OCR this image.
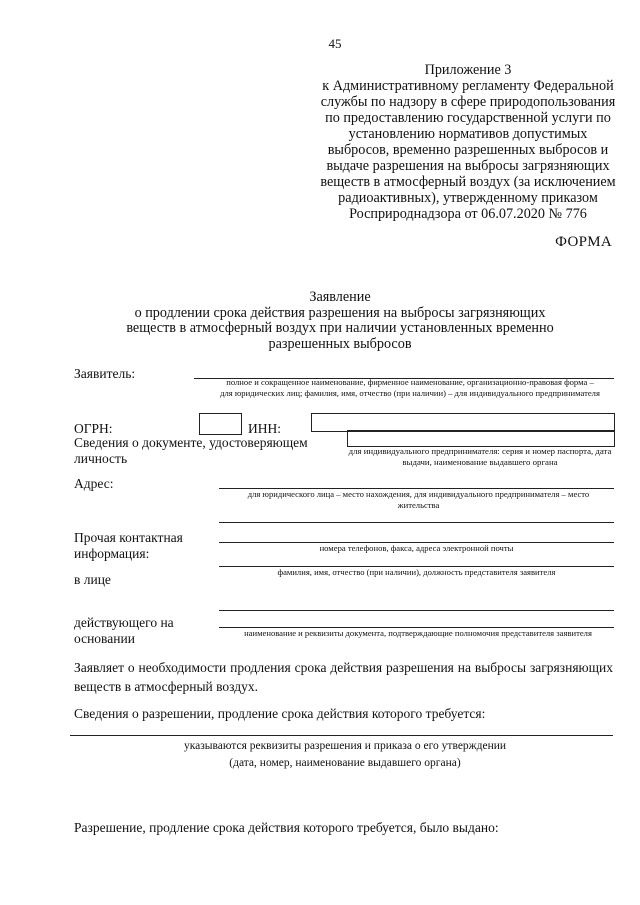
45
Приложение 3
к Административному регламенту Федеральной службы по надзору в сфере природопользования по предоставлению государственной услуги по установлению нормативов допустимых выбросов, временно разрешенных выбросов и выдаче разрешения на выбросы загрязняющих веществ в атмосферный воздух (за исключением радиоактивных), утвержденному приказом Росприроднадзора от 06.07.2020 № 776
ФОРМА
Заявление
о продлении срока действия разрешения на выбросы загрязняющих веществ в атмосферный воздух при наличии установленных временно разрешенных выбросов
Заявитель:
полное и сокращенное наименование, фирменное наименование, организационно-правовая форма – для юридических лиц; фамилия, имя, отчество (при наличии) – для индивидуального предпринимателя
ОГРН:	ИНН:
Сведения о документе, удостоверяющем личность	для индивидуального предпринимателя: серия и номер паспорта, дата выдачи, наименование выдавшего органа
Адрес:
для юридического лица – место нахождения, для индивидуального предпринимателя – место жительства
Прочая контактная информация:	номера телефонов, факса, адреса электронной почты
в лице	фамилия, имя, отчество (при наличии), должность представителя заявителя
действующего на основании	наименование и реквизиты документа, подтверждающие полномочия представителя заявителя
Заявляет о необходимости продления срока действия разрешения на выбросы загрязняющих веществ в атмосферный воздух.
Сведения о разрешении, продление срока действия которого требуется:
указываются реквизиты разрешения и приказа о его утверждении
(дата, номер, наименование выдавшего органа)
Разрешение, продление срока действия которого требуется, было выдано:
